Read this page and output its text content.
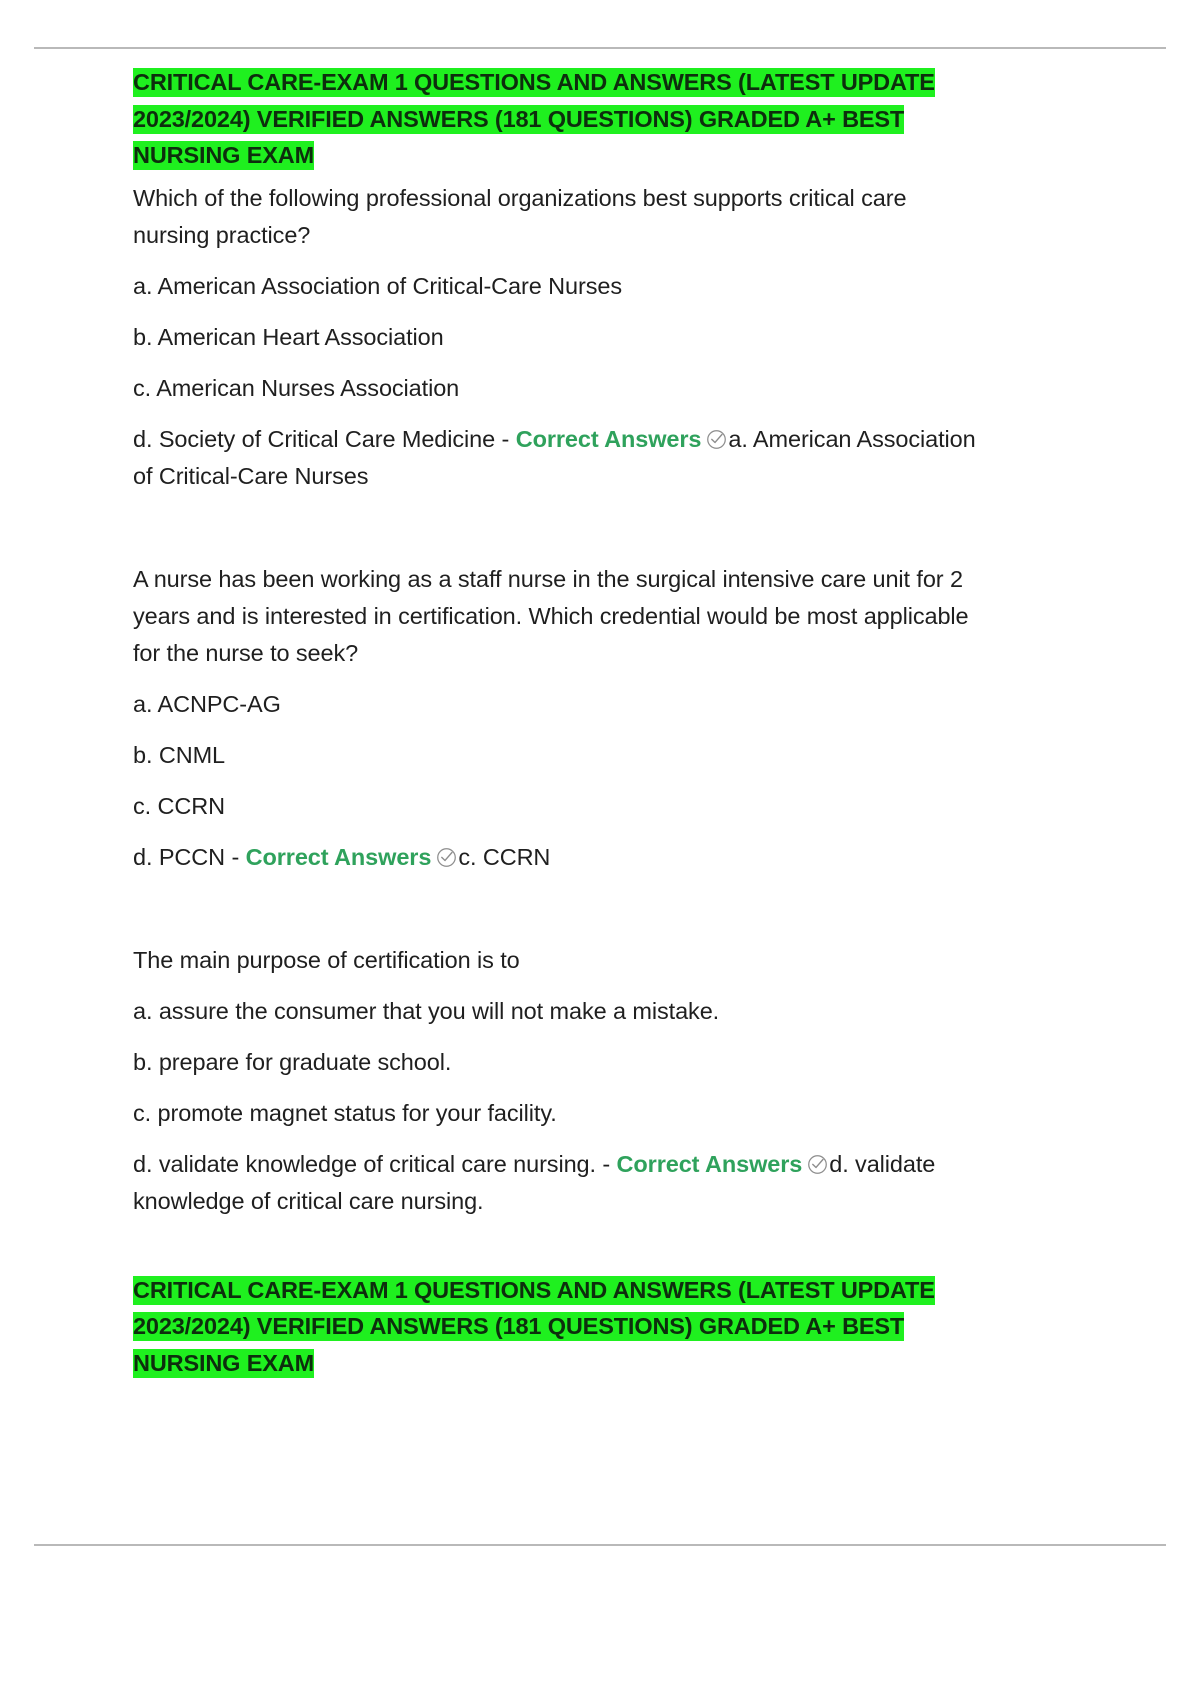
CRITICAL CARE-EXAM 1 QUESTIONS AND ANSWERS (LATEST UPDATE
2023/2024) VERIFIED ANSWERS (181 QUESTIONS) GRADED A+ BEST
NURSING EXAM

Which of the following professional organizations best supports critical care nursing practice?

a. American Association of Critical-Care Nurses

b. American Heart Association

c. American Nurses Association

d. Society of Critical Care Medicine - Correct Answers a. American Association of Critical-Care Nurses

A nurse has been working as a staff nurse in the surgical intensive care unit for 2 years and is interested in certification. Which credential would be most applicable for the nurse to seek?

a. ACNPC-AG

b. CNML

c. CCRN

d. PCCN - Correct Answers c. CCRN

The main purpose of certification is to

a. assure the consumer that you will not make a mistake.

b. prepare for graduate school.

c. promote magnet status for your facility.

d. validate knowledge of critical care nursing. - Correct Answers d. validate knowledge of critical care nursing.

CRITICAL CARE-EXAM 1 QUESTIONS AND ANSWERS (LATEST UPDATE
2023/2024) VERIFIED ANSWERS (181 QUESTIONS) GRADED A+ BEST
NURSING EXAM
